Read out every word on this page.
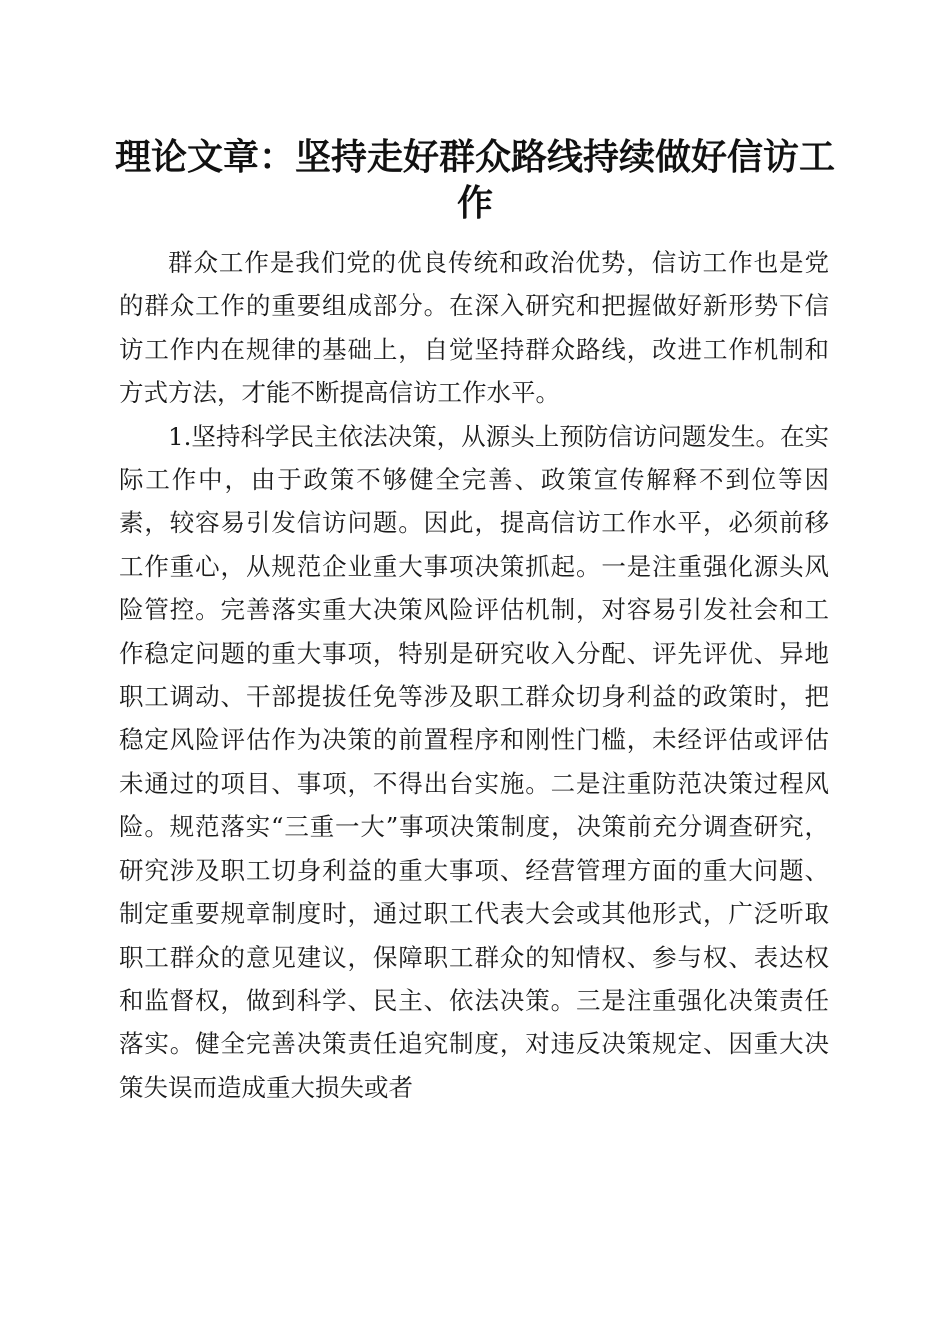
理论文章：坚持走好群众路线持续做好信访工作

群众工作是我们党的优良传统和政治优势，信访工作也是党的群众工作的重要组成部分。在深入研究和把握做好新形势下信访工作内在规律的基础上，自觉坚持群众路线，改进工作机制和方式方法，才能不断提高信访工作水平。

1.坚持科学民主依法决策，从源头上预防信访问题发生。在实际工作中，由于政策不够健全完善、政策宣传解释不到位等因素，较容易引发信访问题。因此，提高信访工作水平，必须前移工作重心，从规范企业重大事项决策抓起。一是注重强化源头风险管控。完善落实重大决策风险评估机制，对容易引发社会和工作稳定问题的重大事项，特别是研究收入分配、评先评优、异地职工调动、干部提拔任免等涉及职工群众切身利益的政策时，把稳定风险评估作为决策的前置程序和刚性门槛，未经评估或评估未通过的项目、事项，不得出台实施。二是注重防范决策过程风险。规范落实“三重一大”事项决策制度，决策前充分调查研究，研究涉及职工切身利益的重大事项、经营管理方面的重大问题、制定重要规章制度时，通过职工代表大会或其他形式，广泛听取职工群众的意见建议，保障职工群众的知情权、参与权、表达权和监督权，做到科学、民主、依法决策。三是注重强化决策责任落实。健全完善决策责任追究制度，对违反决策规定、因重大决策失误而造成重大损失或者
